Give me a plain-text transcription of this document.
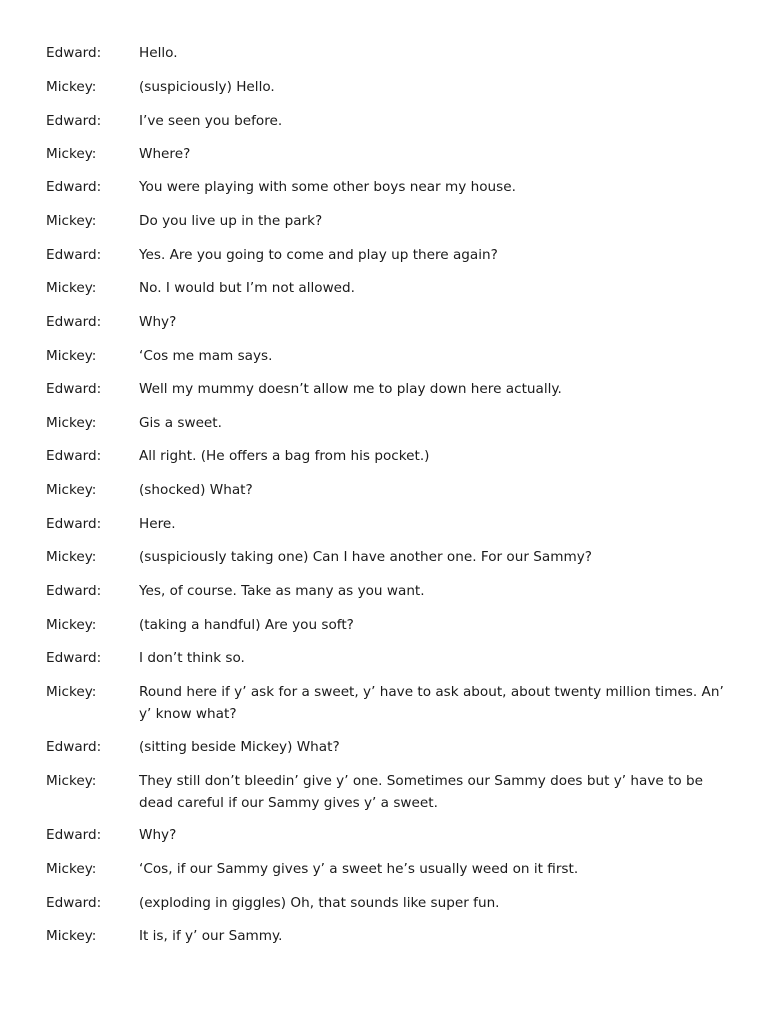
Edward:	Hello.
Mickey:	(suspiciously) Hello.
Edward:	I’ve seen you before.
Mickey:	Where?
Edward:	You were playing with some other boys near my house.
Mickey:	Do you live up in the park?
Edward:	Yes. Are you going to come and play up there again?
Mickey:	No. I would but I’m not allowed.
Edward:	Why?
Mickey:	‘Cos me mam says.
Edward:	Well my mummy doesn’t allow me to play down here actually.
Mickey:	Gis a sweet.
Edward:	All right. (He offers a bag from his pocket.)
Mickey:	(shocked) What?
Edward:	Here.
Mickey:	(suspiciously taking one) Can I have another one. For our Sammy?
Edward:	Yes, of course. Take as many as you want.
Mickey:	(taking a handful) Are you soft?
Edward:	I don’t think so.
Mickey:	Round here if y’ ask for a sweet, y’ have to ask about, about twenty million times. An’ y’ know what?
Edward:	(sitting beside Mickey) What?
Mickey:	They still don’t bleedin’ give y’ one. Sometimes our Sammy does but y’ have to be dead careful if our Sammy gives y’ a sweet.
Edward:	Why?
Mickey:	‘Cos, if our Sammy gives y’ a sweet he’s usually weed on it first.
Edward:	(exploding in giggles) Oh, that sounds like super fun.
Mickey:	It is, if y’ our Sammy.
